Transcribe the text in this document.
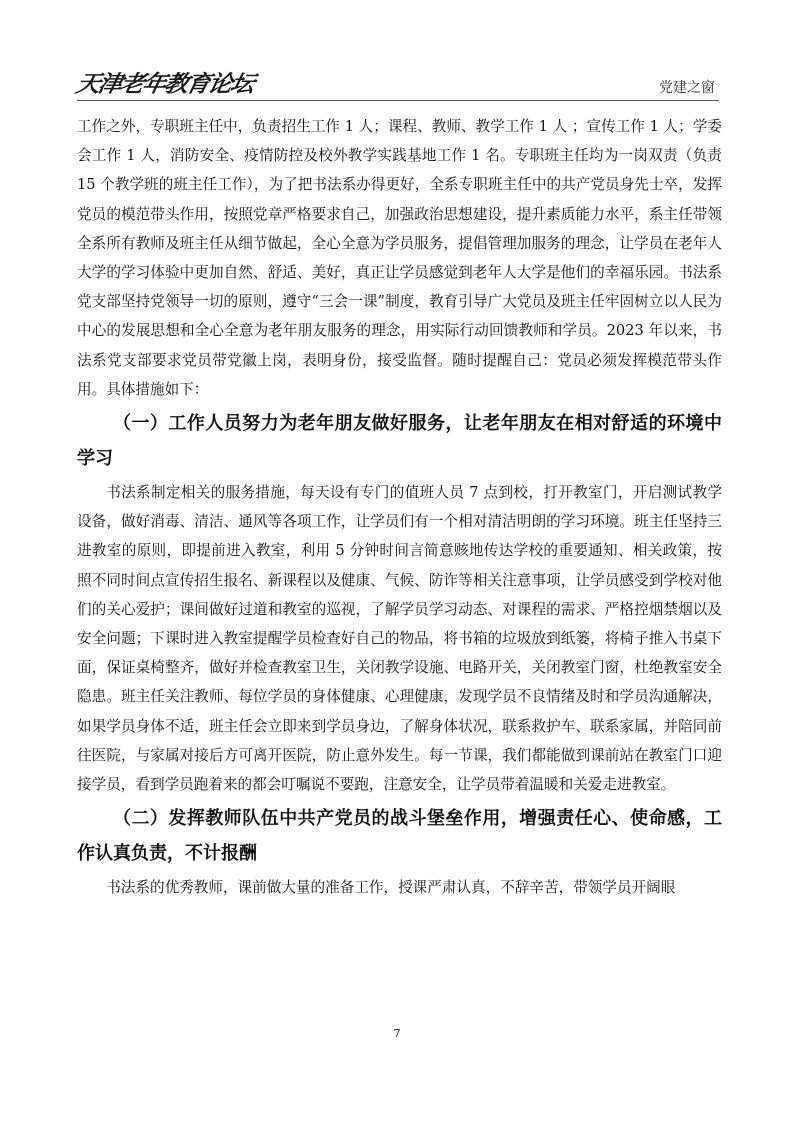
天津老年教育论坛	党建之窗

工作之外，专职班主任中，负责招生工作 1 人；课程、教师、教学工作 1 人 ；宣传工作 1 人；学委会工作 1 人，消防安全、疫情防控及校外教学实践基地工作 1 名。专职班主任均为一岗双责（负责 15 个教学班的班主任工作），为了把书法系办得更好，全系专职班主任中的共产党员身先士卒，发挥党员的模范带头作用，按照党章严格要求自己，加强政治思想建设，提升素质能力水平，系主任带领全系所有教师及班主任从细节做起，全心全意为学员服务，提倡管理加服务的理念，让学员在老年人大学的学习体验中更加自然、舒适、美好，真正让学员感觉到老年人大学是他们的幸福乐园。书法系党支部坚持党领导一切的原则，遵守“三会一课”制度，教育引导广大党员及班主任牢固树立以人民为中心的发展思想和全心全意为老年朋友服务的理念，用实际行动回馈教师和学员。2023 年以来，书法系党支部要求党员带党徽上岗，表明身份，接受监督。随时提醒自己：党员必须发挥模范带头作用。具体措施如下：

（一）工作人员努力为老年朋友做好服务，让老年朋友在相对舒适的环境中学习

书法系制定相关的服务措施，每天设有专门的值班人员 7 点到校，打开教室门，开启测试教学设备，做好消毒、清洁、通风等各项工作，让学员们有一个相对清洁明朗的学习环境。班主任坚持三进教室的原则，即提前进入教室，利用 5 分钟时间言简意赅地传达学校的重要通知、相关政策，按照不同时间点宣传招生报名、新课程以及健康、气候、防诈等相关注意事项，让学员感受到学校对他们的关心爱护；课间做好过道和教室的巡视，了解学员学习动态、对课程的需求、严格控烟禁烟以及安全问题；下课时进入教室提醒学员检查好自己的物品，将书箱的垃圾放到纸篓，将椅子推入书桌下面，保证桌椅整齐，做好并检查教室卫生，关闭教学设施、电路开关，关闭教室门窗，杜绝教室安全隐患。班主任关注教师、每位学员的身体健康、心理健康，发现学员不良情绪及时和学员沟通解决，如果学员身体不适，班主任会立即来到学员身边，了解身体状况，联系救护车、联系家属，并陪同前往医院，与家属对接后方可离开医院，防止意外发生。每一节课，我们都能做到课前站在教室门口迎接学员，看到学员跑着来的都会叮嘱说不要跑，注意安全，让学员带着温暖和关爱走进教室。

（二）发挥教师队伍中共产党员的战斗堡垒作用，增强责任心、使命感，工作认真负责，不计报酬

书法系的优秀教师，课前做大量的准备工作，授课严肃认真，不辞辛苦，带领学员开阔眼

7
